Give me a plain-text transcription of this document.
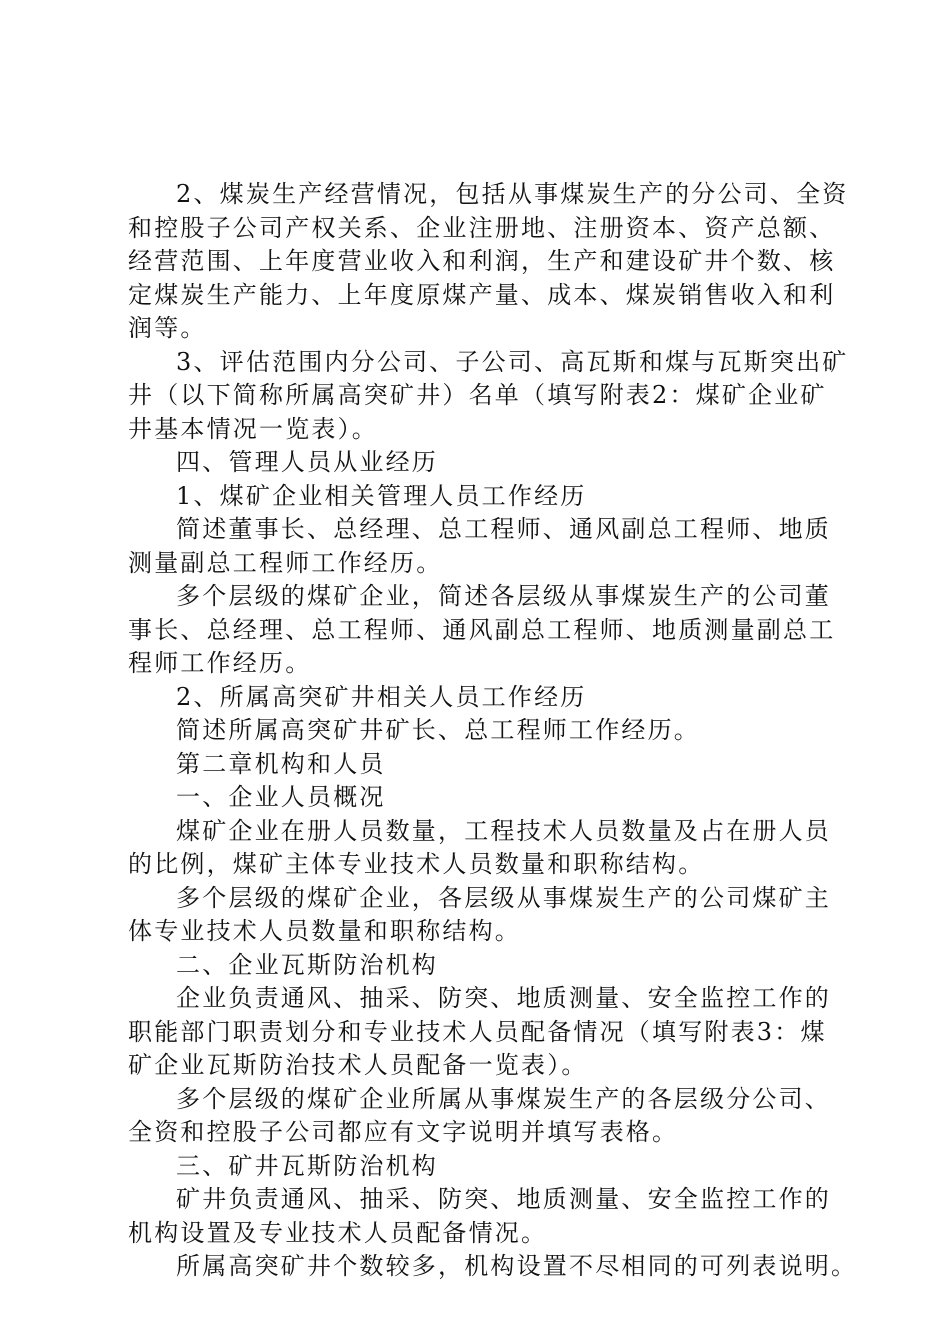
2、煤炭生产经营情况，包括从事煤炭生产的分公司、全资
和控股子公司产权关系、企业注册地、注册资本、资产总额、
经营范围、上年度营业收入和利润，生产和建设矿井个数、核
定煤炭生产能力、上年度原煤产量、成本、煤炭销售收入和利
润等。
3、评估范围内分公司、子公司、高瓦斯和煤与瓦斯突出矿
井（以下简称所属高突矿井）名单（填写附表2：煤矿企业矿
井基本情况一览表）。
四、管理人员从业经历
1、煤矿企业相关管理人员工作经历
简述董事长、总经理、总工程师、通风副总工程师、地质
测量副总工程师工作经历。
多个层级的煤矿企业，简述各层级从事煤炭生产的公司董
事长、总经理、总工程师、通风副总工程师、地质测量副总工
程师工作经历。
2、所属高突矿井相关人员工作经历
简述所属高突矿井矿长、总工程师工作经历。
第二章机构和人员
一、企业人员概况
煤矿企业在册人员数量，工程技术人员数量及占在册人员
的比例，煤矿主体专业技术人员数量和职称结构。
多个层级的煤矿企业，各层级从事煤炭生产的公司煤矿主
体专业技术人员数量和职称结构。
二、企业瓦斯防治机构
企业负责通风、抽采、防突、地质测量、安全监控工作的
职能部门职责划分和专业技术人员配备情况（填写附表3：煤
矿企业瓦斯防治技术人员配备一览表）。
多个层级的煤矿企业所属从事煤炭生产的各层级分公司、
全资和控股子公司都应有文字说明并填写表格。
三、矿井瓦斯防治机构
矿井负责通风、抽采、防突、地质测量、安全监控工作的
机构设置及专业技术人员配备情况。
所属高突矿井个数较多，机构设置不尽相同的可列表说明。
